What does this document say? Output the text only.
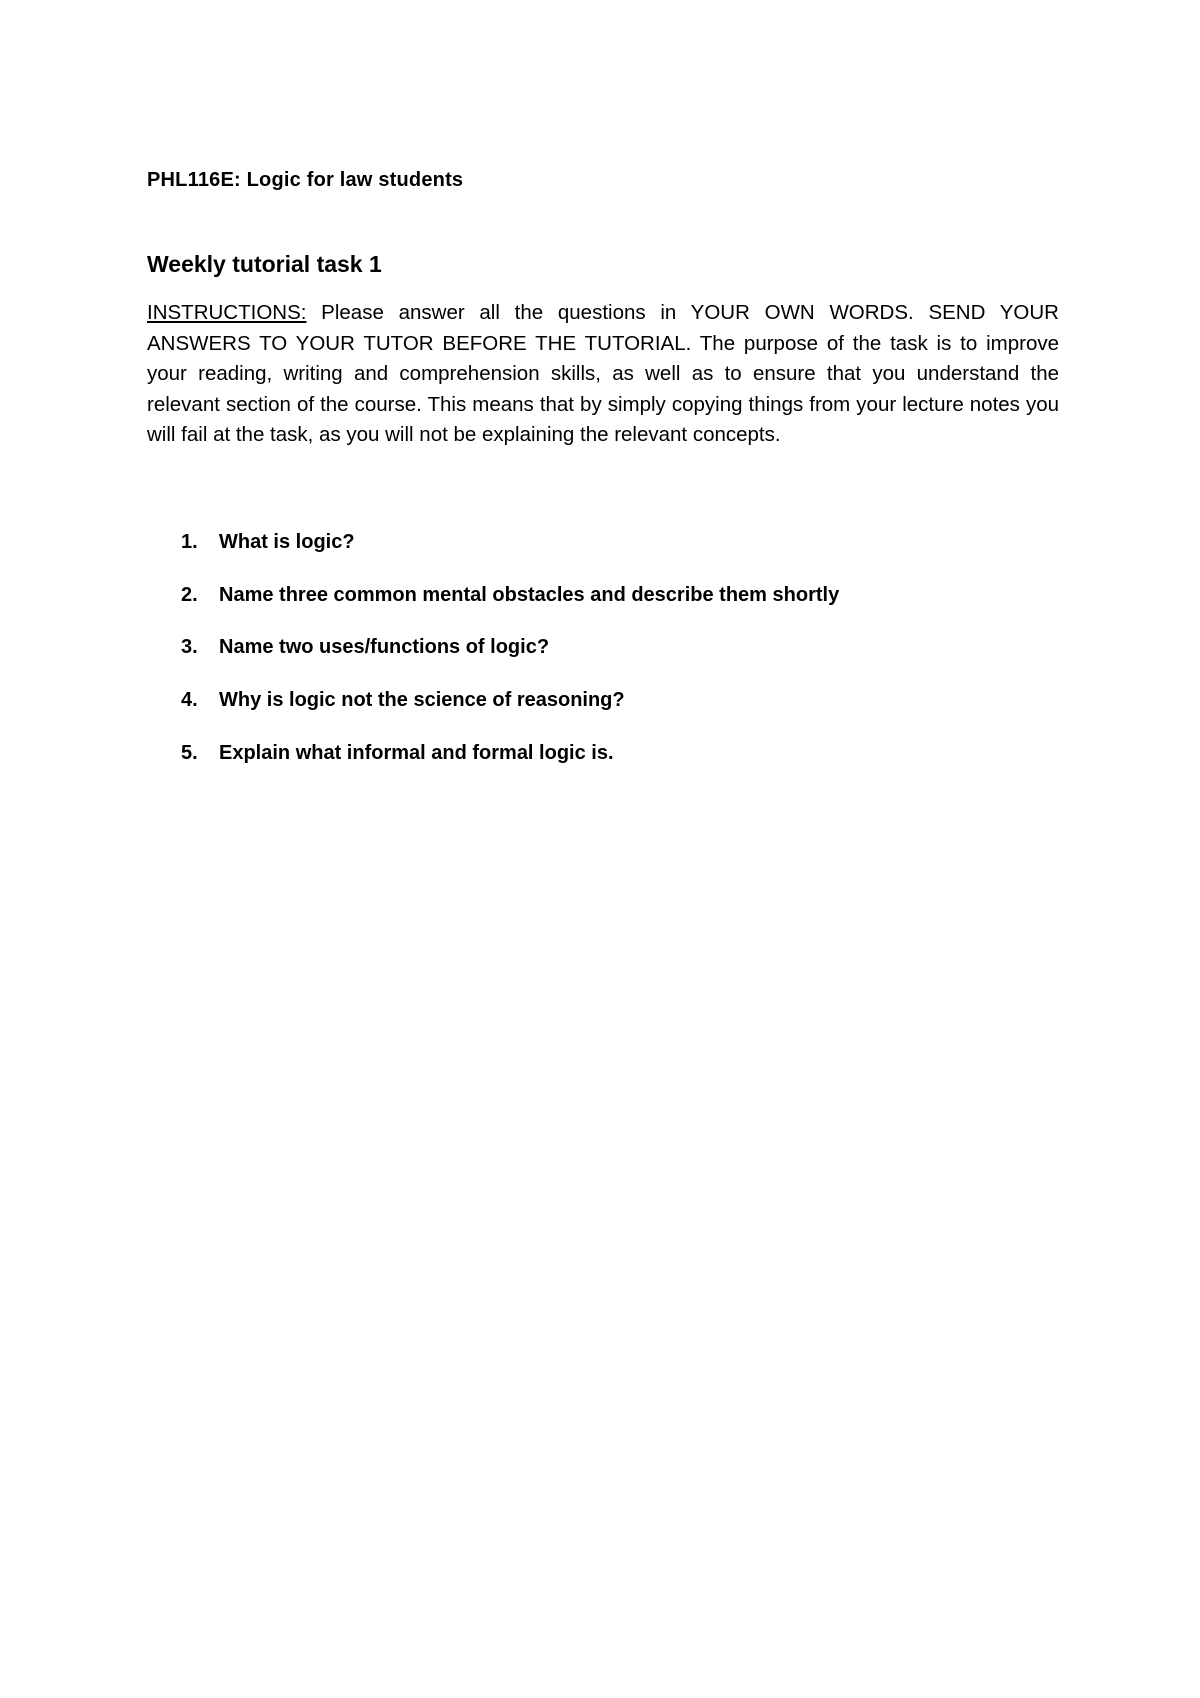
PHL116E: Logic for law students
Weekly tutorial task 1

INSTRUCTIONS: Please answer all the questions in YOUR OWN WORDS. SEND YOUR ANSWERS TO YOUR TUTOR BEFORE THE TUTORIAL. The purpose of the task is to improve your reading, writing and comprehension skills, as well as to ensure that you understand the relevant section of the course. This means that by simply copying things from your lecture notes you will fail at the task, as you will not be explaining the relevant concepts.

1. What is logic?
2. Name three common mental obstacles and describe them shortly
3. Name two uses/functions of logic?
4. Why is logic not the science of reasoning?
5. Explain what informal and formal logic is.
